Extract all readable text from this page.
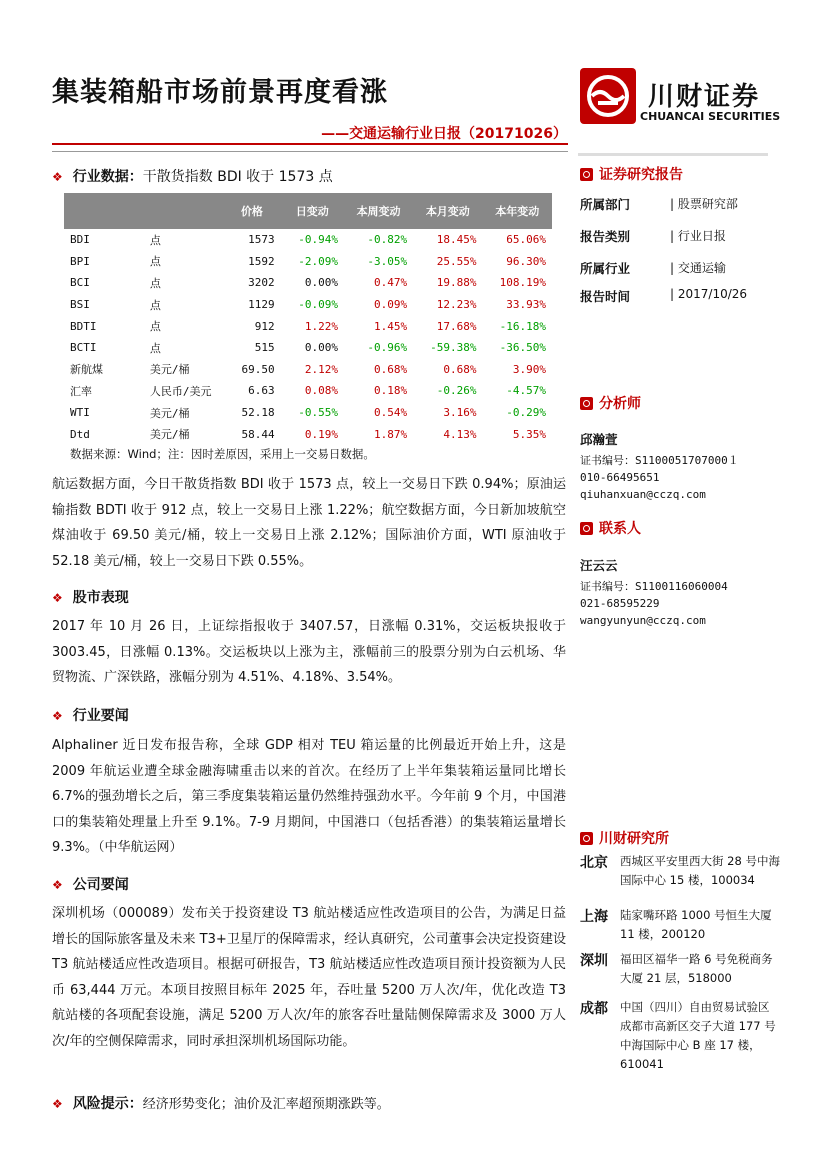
集装箱船市场前景再度看涨
——交通运输行业日报（20171026）
川财证券
CHUANCAI SECURITIES
❖ 行业数据：干散货指数 BDI 收于 1573 点
		价格	日变动	本周变动	本月变动	本年变动
BDI	点	1573	-0.94%	-0.82%	18.45%	65.06%
BPI	点	1592	-2.09%	-3.05%	25.55%	96.30%
BCI	点	3202	0.00%	0.47%	19.88%	108.19%
BSI	点	1129	-0.09%	0.09%	12.23%	33.93%
BDTI	点	912	1.22%	1.45%	17.68%	-16.18%
BCTI	点	515	0.00%	-0.96%	-59.38%	-36.50%
新航煤	美元/桶	69.50	2.12%	0.68%	0.68%	3.90%
汇率	人民币/美元	6.63	0.08%	0.18%	-0.26%	-4.57%
WTI	美元/桶	52.18	-0.55%	0.54%	3.16%	-0.29%
Dtd	美元/桶	58.44	0.19%	1.87%	4.13%	5.35%
数据来源：Wind；注：因时差原因，采用上一交易日数据。
航运数据方面，今日干散货指数 BDI 收于 1573 点，较上一交易日下跌 0.94%；原油运输指数 BDTI 收于 912 点，较上一交易日上涨 1.22%；航空数据方面，今日新加坡航空煤油收于 69.50 美元/桶，较上一交易日上涨 2.12%；国际油价方面，WTI 原油收于 52.18 美元/桶，较上一交易日下跌 0.55%。
❖ 股市表现
2017 年 10 月 26 日，上证综指报收于 3407.57，日涨幅 0.31%，交运板块报收于 3003.45，日涨幅 0.13%。交运板块以上涨为主，涨幅前三的股票分别为白云机场、华贸物流、广深铁路，涨幅分别为 4.51%、4.18%、3.54%。
❖ 行业要闻
Alphaliner 近日发布报告称，全球 GDP 相对 TEU 箱运量的比例最近开始上升，这是 2009 年航运业遭全球金融海啸重击以来的首次。在经历了上半年集装箱运量同比增长 6.7%的强劲增长之后，第三季度集装箱运量仍然维持强劲水平。今年前 9 个月，中国港口的集装箱处理量上升至 9.1%。7-9 月期间，中国港口（包括香港）的集装箱运量增长 9.3%。（中华航运网）
❖ 公司要闻
深圳机场（000089）发布关于投资建设 T3 航站楼适应性改造项目的公告，为满足日益增长的国际旅客量及未来 T3+卫星厅的保障需求，经认真研究，公司董事会决定投资建设 T3 航站楼适应性改造项目。根据可研报告，T3 航站楼适应性改造项目预计投资额为人民币 63,444 万元。本项目按照目标年 2025 年，吞吐量 5200 万人次/年，优化改造 T3 航站楼的各项配套设施，满足 5200 万人次/年的旅客吞吐量陆侧保障需求及 3000 万人次/年的空侧保障需求，同时承担深圳机场国际功能。
❖ 风险提示：经济形势变化；油价及汇率超预期涨跌等。
证券研究报告
所属部门	| 股票研究部
报告类别	| 行业日报
所属行业	| 交通运输
报告时间	| 2017/10/26
分析师
邱瀚萱
证书编号：S1100051707000１
010-66495651
qiuhanxuan@cczq.com
联系人
汪云云
证书编号：S1100116060004
021-68595229
wangyunyun@cczq.com
川财研究所
北京	西城区平安里西大街 28 号中海国际中心 15 楼，100034
上海	陆家嘴环路 1000 号恒生大厦 11 楼，200120
深圳	福田区福华一路 6 号免税商务大厦 21 层，518000
成都	中国（四川）自由贸易试验区成都市高新区交子大道 177 号中海国际中心 B 座 17 楼，610041
